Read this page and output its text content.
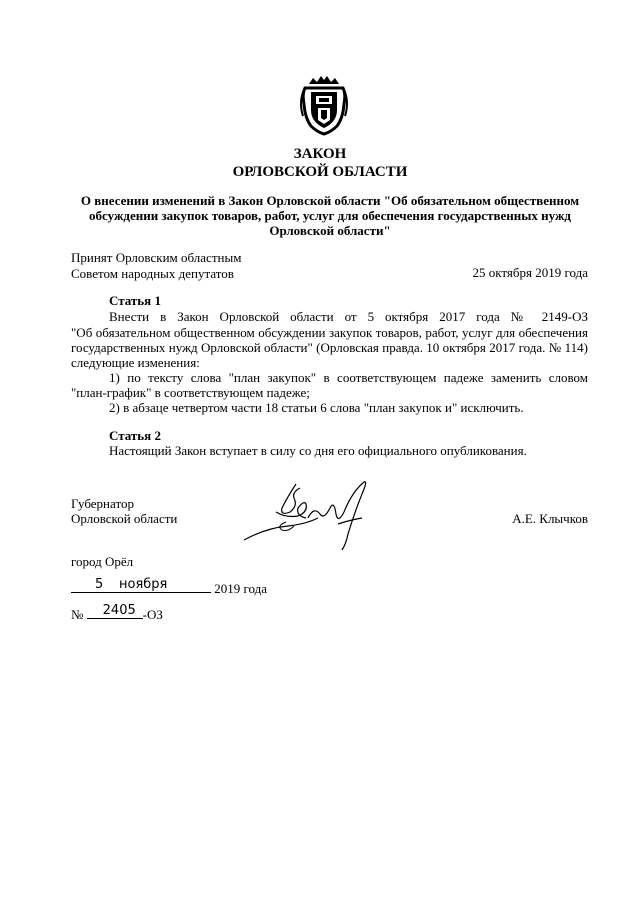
ЗАКОН
ОРЛОВСКОЙ ОБЛАСТИ
О внесении изменений в Закон Орловской области "Об обязательном общественном
обсуждении закупок товаров, работ, услуг для обеспечения государственных нужд
Орловской области"
Принят Орловским областным
Советом народных депутатов	25 октября 2019 года
Статья 1
Внести в Закон Орловской области от 5 октября 2017 года № 2149-ОЗ
"Об обязательном общественном обсуждении закупок товаров, работ, услуг для обеспечения
государственных нужд Орловской области" (Орловская правда. 10 октября 2017 года. № 114)
следующие изменения:
1) по тексту слова "план закупок" в соответствующем падеже заменить словом
"план-график" в соответствующем падеже;
2) в абзаце четвертом части 18 статьи 6 слова "план закупок и" исключить.
Статья 2
Настоящий Закон вступает в силу со дня его официального опубликования.
Губернатор
Орловской области	А.Е. Клычков
город Орёл
5 ноября	2019 года
№ 2405 -ОЗ
